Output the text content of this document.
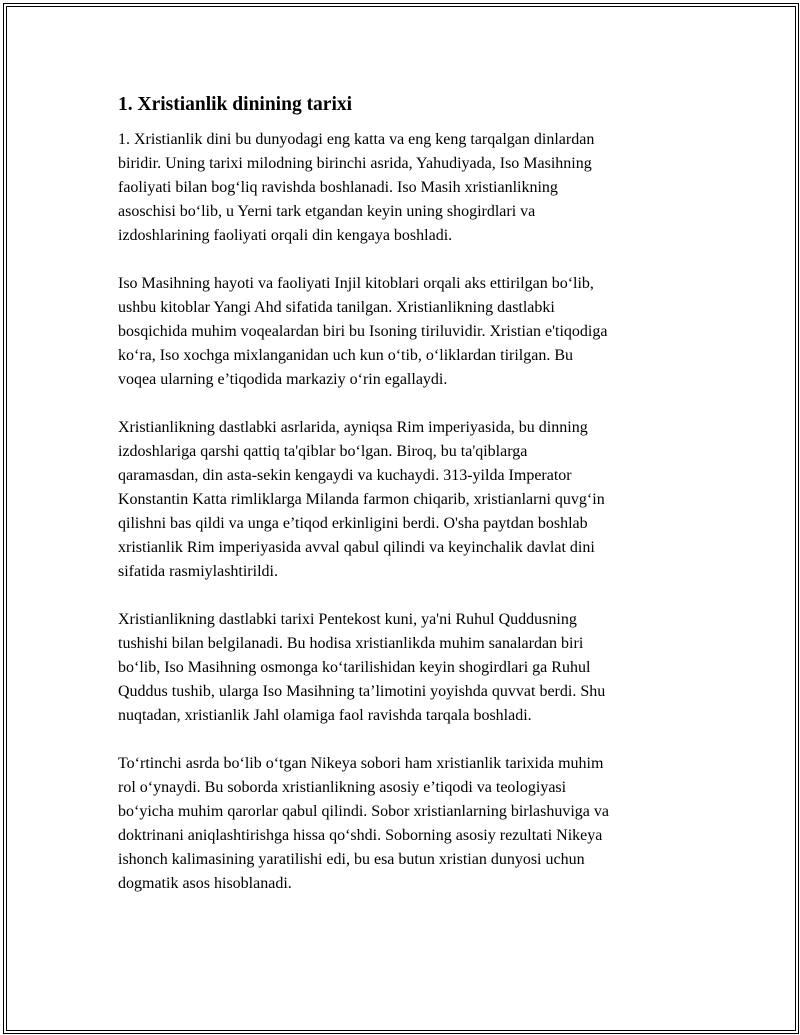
1. Xristianlik dinining tarixi

1. Xristianlik dini bu dunyodagi eng katta va eng keng tarqalgan dinlardan
biridir. Uning tarixi milodning birinchi asrida, Yahudiyada, Iso Masihning
faoliyati bilan bog‘liq ravishda boshlanadi. Iso Masih xristianlikning
asoschisi bo‘lib, u Yerni tark etgandan keyin uning shogirdlari va
izdoshlarining faoliyati orqali din kengaya boshladi.

Iso Masihning hayoti va faoliyati Injil kitoblari orqali aks ettirilgan bo‘lib,
ushbu kitoblar Yangi Ahd sifatida tanilgan. Xristianlikning dastlabki
bosqichida muhim voqealardan biri bu Isoning tiriluvidir. Xristian e'tiqodiga
ko‘ra, Iso xochga mixlanganidan uch kun o‘tib, o‘liklardan tirilgan. Bu
voqea ularning e’tiqodida markaziy o‘rin egallaydi.

Xristianlikning dastlabki asrlarida, ayniqsa Rim imperiyasida, bu dinning
izdoshlariga qarshi qattiq ta'qiblar bo‘lgan. Biroq, bu ta'qiblarga
qaramasdan, din asta-sekin kengaydi va kuchaydi. 313-yilda Imperator
Konstantin Katta rimliklarga Milanda farmon chiqarib, xristianlarni quvg‘in
qilishni bas qildi va unga e’tiqod erkinligini berdi. O'sha paytdan boshlab
xristianlik Rim imperiyasida avval qabul qilindi va keyinchalik davlat dini
sifatida rasmiylashtirildi.

Xristianlikning dastlabki tarixi Pentekost kuni, ya'ni Ruhul Quddusning
tushishi bilan belgilanadi. Bu hodisa xristianlikda muhim sanalardan biri
bo‘lib, Iso Masihning osmonga ko‘tarilishidan keyin shogirdlari ga Ruhul
Quddus tushib, ularga Iso Masihning ta’limotini yoyishda quvvat berdi. Shu
nuqtadan, xristianlik Jahl olamiga faol ravishda tarqala boshladi.

To‘rtinchi asrda bo‘lib o‘tgan Nikeya sobori ham xristianlik tarixida muhim
rol o‘ynaydi. Bu soborda xristianlikning asosiy e’tiqodi va teologiyasi
bo‘yicha muhim qarorlar qabul qilindi. Sobor xristianlarning birlashuviga va
doktrinani aniqlashtirishga hissa qo‘shdi. Soborning asosiy rezultati Nikeya
ishonch kalimasining yaratilishi edi, bu esa butun xristian dunyosi uchun
dogmatik asos hisoblanadi.
